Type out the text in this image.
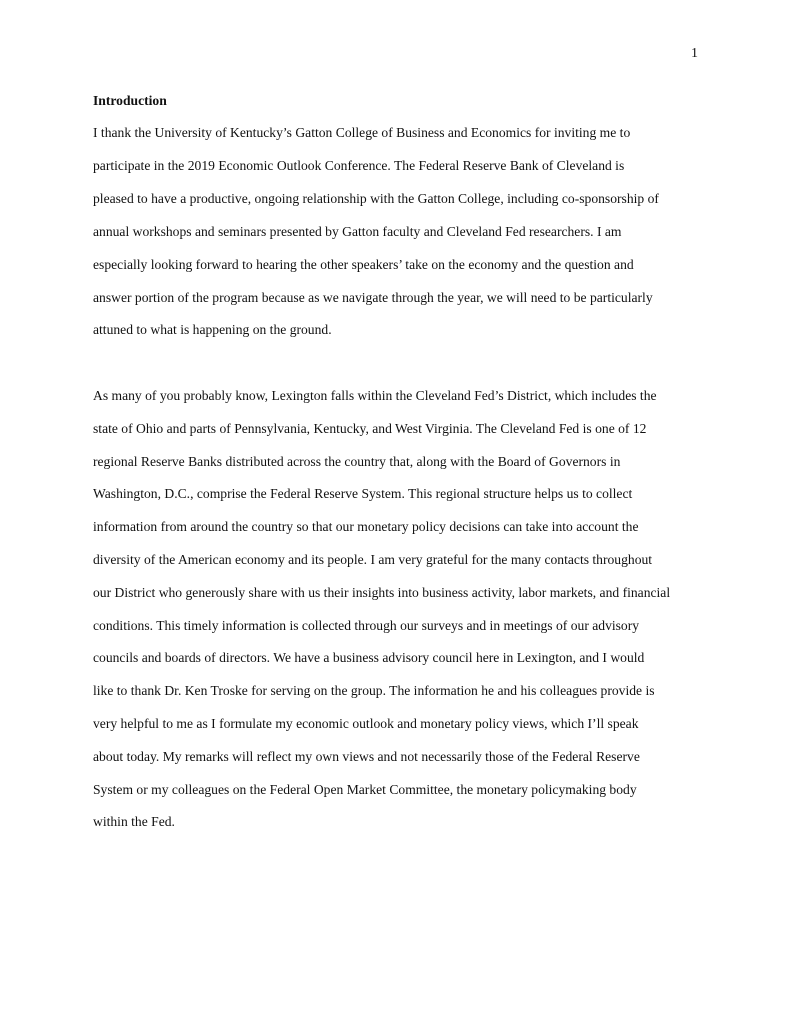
1
Introduction

I thank the University of Kentucky’s Gatton College of Business and Economics for inviting me to

participate in the 2019 Economic Outlook Conference. The Federal Reserve Bank of Cleveland is

pleased to have a productive, ongoing relationship with the Gatton College, including co-sponsorship of

annual workshops and seminars presented by Gatton faculty and Cleveland Fed researchers. I am

especially looking forward to hearing the other speakers’ take on the economy and the question and

answer portion of the program because as we navigate through the year, we will need to be particularly

attuned to what is happening on the ground.

As many of you probably know, Lexington falls within the Cleveland Fed’s District, which includes the

state of Ohio and parts of Pennsylvania, Kentucky, and West Virginia. The Cleveland Fed is one of 12

regional Reserve Banks distributed across the country that, along with the Board of Governors in

Washington, D.C., comprise the Federal Reserve System. This regional structure helps us to collect

information from around the country so that our monetary policy decisions can take into account the

diversity of the American economy and its people. I am very grateful for the many contacts throughout

our District who generously share with us their insights into business activity, labor markets, and financial

conditions. This timely information is collected through our surveys and in meetings of our advisory

councils and boards of directors. We have a business advisory council here in Lexington, and I would

like to thank Dr. Ken Troske for serving on the group. The information he and his colleagues provide is

very helpful to me as I formulate my economic outlook and monetary policy views, which I’ll speak

about today. My remarks will reflect my own views and not necessarily those of the Federal Reserve

System or my colleagues on the Federal Open Market Committee, the monetary policymaking body

within the Fed.
